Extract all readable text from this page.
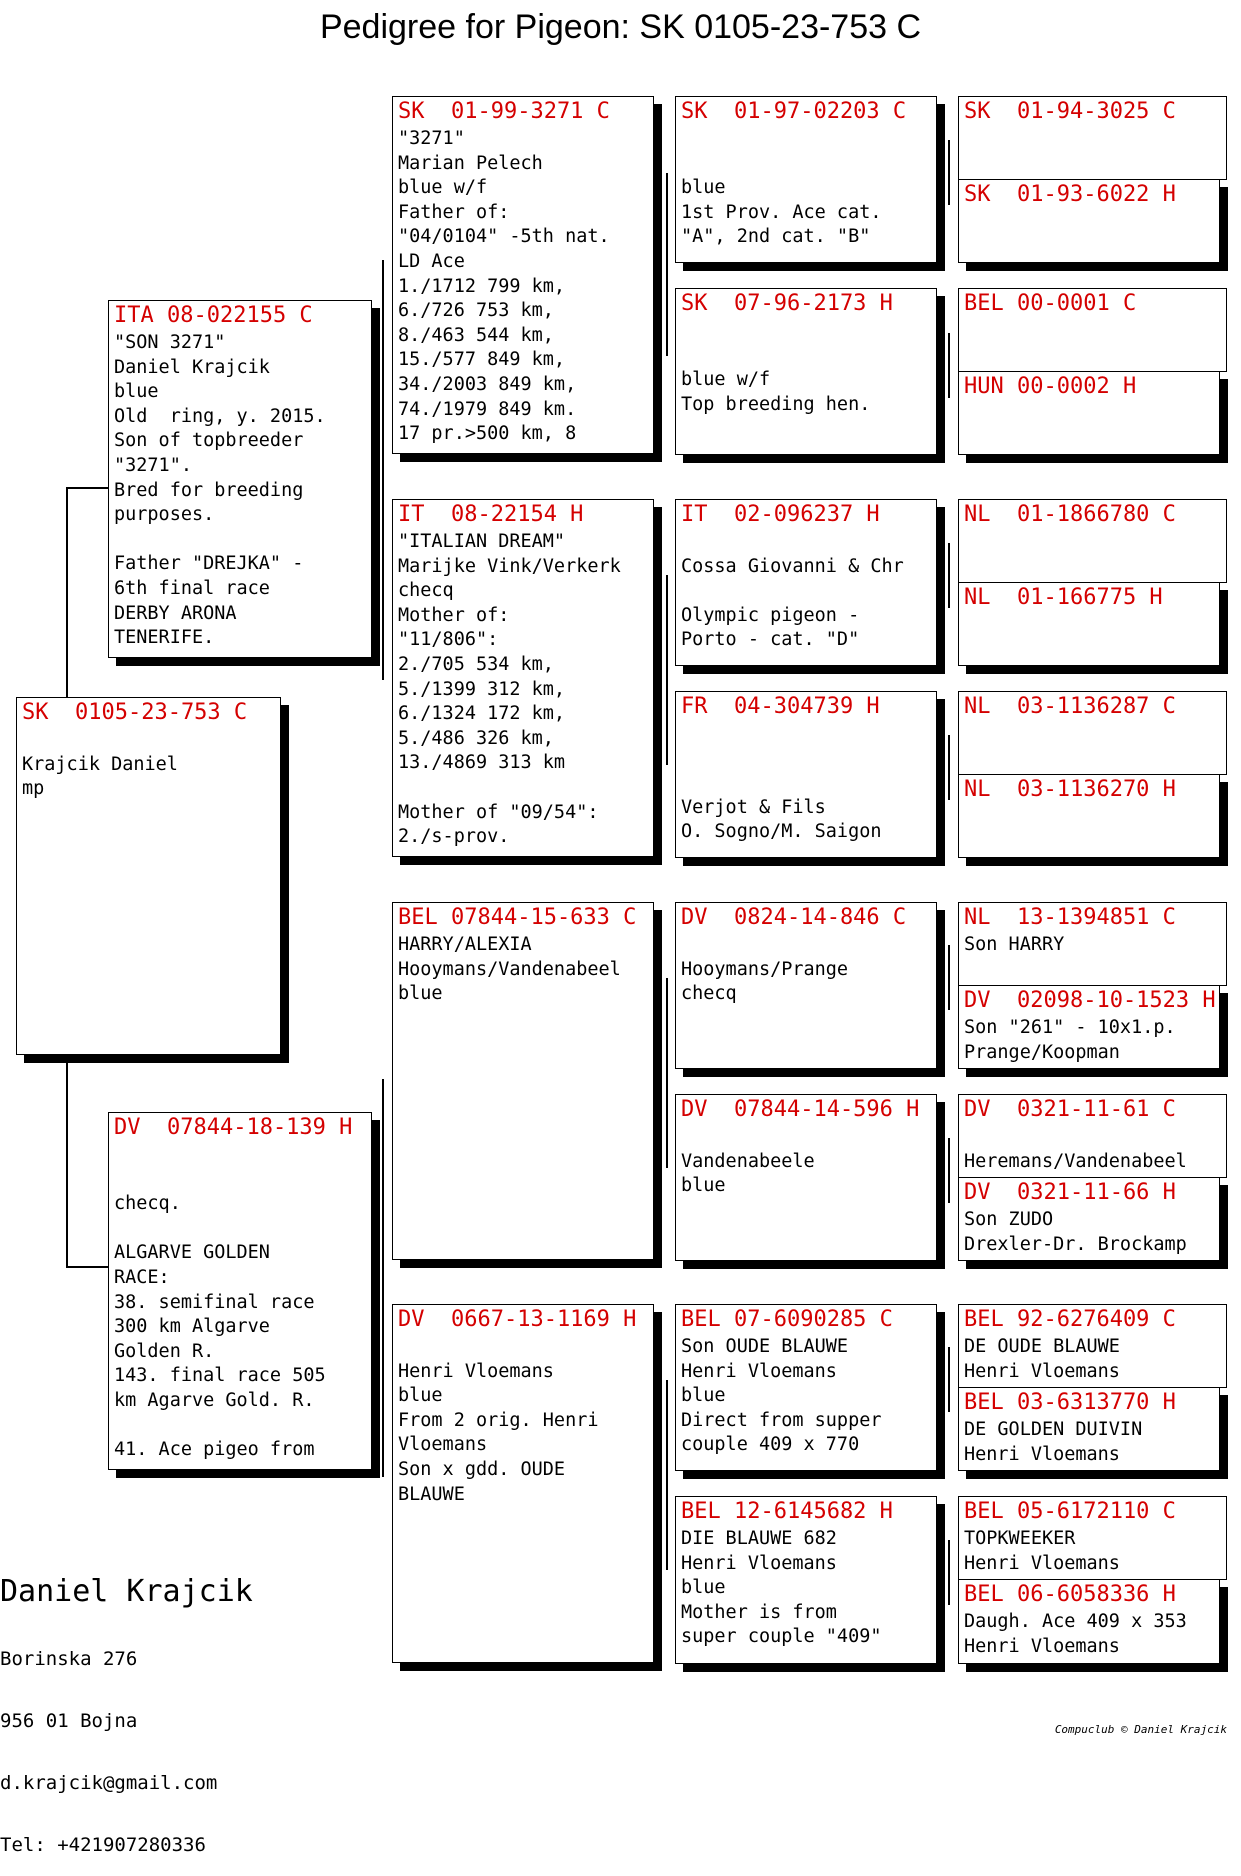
Pedigree for Pigeon: SK 0105-23-753 C
SK  0105-23-753 C

Krajcik Daniel
mp
ITA 08-022155 C
"SON 3271"
Daniel Krajcik
blue
Old  ring, y. 2015.
Son of topbreeder
"3271".
Bred for breeding
purposes.

Father "DREJKA" -
6th final race
DERBY ARONA
TENERIFE.
DV  07844-18-139 H

checq.

ALGARVE GOLDEN
RACE:
38. semifinal race
300 km Algarve
Golden R.
143. final race 505
km Agarve Gold. R.

41. Ace pigeo from
SK  01-99-3271 C
"3271"
Marian Pelech
blue w/f
Father of:
"04/0104" -5th nat.
LD Ace
1./1712 799 km,
6./726 753 km,
8./463 544 km,
15./577 849 km,
34./2003 849 km,
74./1979 849 km.
17 pr.>500 km, 8
IT  08-22154 H
"ITALIAN DREAM"
Marijke Vink/Verkerk
checq
Mother of:
"11/806":
2./705 534 km,
5./1399 312 km,
6./1324 172 km,
5./486 326 km,
13./4869 313 km

Mother of "09/54":
2./s-prov.
BEL 07844-15-633 C
HARRY/ALEXIA
Hooymans/Vandenabeel
blue
DV  0667-13-1169 H

Henri Vloemans
blue
From 2 orig. Henri
Vloemans
Son x gdd. OUDE
BLAUWE
SK  01-97-02203 C

blue
1st Prov. Ace cat.
"A", 2nd cat. "B"
SK  07-96-2173 H

blue w/f
Top breeding hen.
IT  02-096237 H

Cossa Giovanni & Chr

Olympic pigeon -
Porto - cat. "D"
FR  04-304739 H

Verjot & Fils
O. Sogno/M. Saigon
DV  0824-14-846 C

Hooymans/Prange
checq
DV  07844-14-596 H

Vandenabeele
blue
BEL 07-6090285 C
Son OUDE BLAUWE
Henri Vloemans
blue
Direct from supper
couple 409 x 770
BEL 12-6145682 H
DIE BLAUWE 682
Henri Vloemans
blue
Mother is from
super couple "409"
SK  01-94-3025 C
SK  01-93-6022 H
BEL 00-0001 C
HUN 00-0002 H
NL  01-1866780 C
NL  01-166775 H
NL  03-1136287 C
NL  03-1136270 H
NL  13-1394851 C
Son HARRY
DV  02098-10-1523 H
Son "261" - 10x1.p.
Prange/Koopman
DV  0321-11-61 C

Heremans/Vandenabeel
DV  0321-11-66 H
Son ZUDO
Drexler-Dr. Brockamp
BEL 92-6276409 C
DE OUDE BLAUWE
Henri Vloemans
BEL 03-6313770 H
DE GOLDEN DUIVIN
Henri Vloemans
BEL 05-6172110 C
TOPKWEEKER
Henri Vloemans
BEL 06-6058336 H
Daugh. Ace 409 x 353
Henri Vloemans

Daniel Krajcik

Borinska 276

956 01 Bojna

d.krajcik@gmail.com

Tel: +421907280336

Compuclub © Daniel Krajcik
